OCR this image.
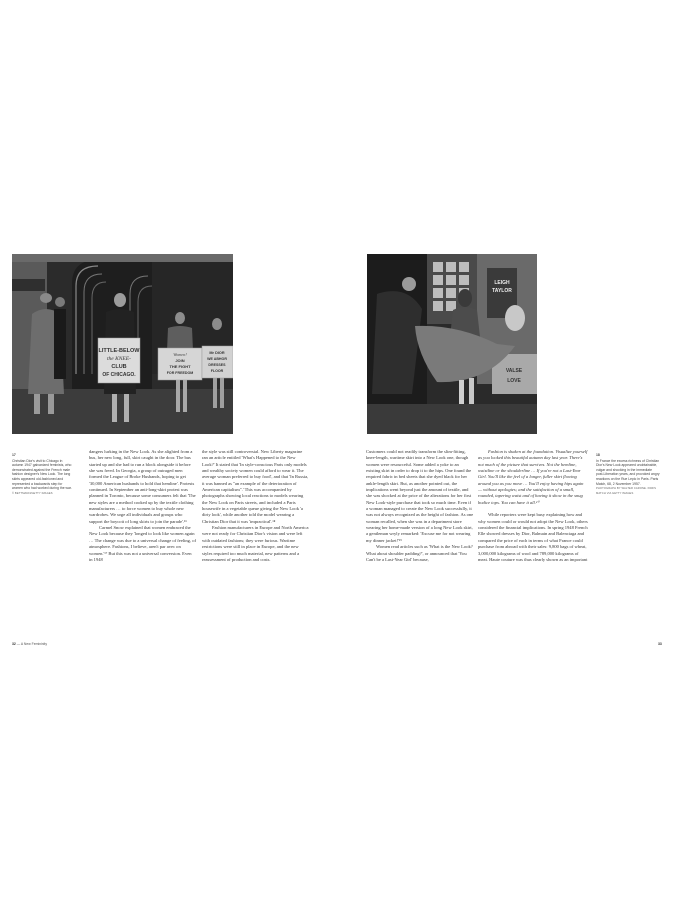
LITTLE-BELOW
the KNEE-
CLUB
OF CHICAGO.
Women!
JOIN
THE FIGHT
FOR FREEDOM
Mr DIOR
WE ABHOR
DRESSES
FLOOR
17
Christian Dior's visit to Chicago in autumn 1947 galvanized feminists, who demonstrated against the French male fashion designer's New Look. The long skirts appeared old-fashioned and represented a backwards step for women who had worked during the war.
© BETTMANN/GETTY IMAGES

dangers lurking in the New Look. As she alighted from a bus, her new long, full, skirt caught in the door. The bus started up and she had to run a block alongside it before she was freed. In Georgia, a group of outraged men formed the League of Broke Husbands, hoping to get '30,000 American husbands to hold that hemline'. Protests continued. In September an anti-long-skirt protest was planned in Toronto, because some consumers felt that 'The new styles are a method cooked up by the textile clothing manufacturers … to force women to buy whole new wardrobes. We urge all individuals and groups who support the boycott of long skirts to join the parade'.¹⁶

Carmel Snow explained that women embraced the New Look because they 'longed to look like women again … The change was due to a universal change of feeling, of atmosphere. Fashions, I believe, aren't par avec on women.'¹⁷ But this was not a universal conversion. Even in 1948

the style was still controversial. New Liberty magazine ran an article entitled 'What's Happened to the New Look?' It stated that 'In style-conscious Paris only models and wealthy society women could afford to wear it. The average woman preferred to buy food', and that 'In Russia, it was banned as "an example of the deterioration of American capitalism".' This was accompanied by photographs showing local reactions to models wearing the New Look on Paris streets, and included a Paris housewife in a vegetable queue giving the New Look 'a dirty look', while another told the model wearing a Christian Dior that it was 'impractical'.¹⁸

Fashion manufacturers in Europe and North America were not ready for Christian Dior's vision and were left with outdated fashions; they were furious. Wartime restrictions were still in place in Europe, and the new styles required too much material, new patterns and a reassessment of production and costs.

32 — A New Femininity
LEIGH
TAYLOR
VALSE
LOVE

Customers could not readily transform the slim-fitting, knee-length, wartime skirt into a New Look one, though women were resourceful. Some added a yoke to an existing skirt in order to drop it to the hips. One found the required fabric in bed sheets that she dyed black for her ankle-length skirt. But, as another pointed out, the implications went beyond just the amount of textile, and she was shocked at the price of the alterations for her first New Look-style purchase that took so much time. Even if a woman managed to create the New Look successfully, it was not always recognized as the height of fashion. As one woman recalled, when she was in a department store wearing her home-made version of a long New Look skirt, a gentleman wryly remarked: 'Excuse me for not wearing my dinner jacket!'¹⁹

Women read articles such as 'What is the New Look? What about shoulder padding?', or announced that 'You Can't be a Last-Year Girl' because,

Fashion is shaken at the foundation. Visualize yourself as you looked this beautiful autumn day last year. There's not much of the picture that survives. Not the hemline, waistline or the shoulderline … If you're not a Last-Year Girl. You'll like the feel of a longer, fuller skirt flowing around you as you move … You'll enjoy having hips again — without apologies; and the satisfaction of a small, rounded, tapering waist and of having it show in the snug bodice tops. You can have it all.²⁰

While reporters were kept busy explaining how and why women could or would not adopt the New Look, others considered the financial implications. In spring 1948 French Elle showed dresses by Dior, Balmain and Balenciaga and compared the price of each in terms of what France could purchase from abroad with their sales: 9,800 bags of wheat, 3,000,000 kilograms of wool and 789,000 kilograms of meat. Haute couture was thus clearly shown as an important

18
In France the excess richness of Christian Dior's New Look appeared unobtainable, vulgar and shocking in the immediate post-Liberation years, and provoked angry reactions on the Rue Lepic in Paris. Paris Match, 68, 2 November 1957.
PHOTOGRAPH BY WALTER CARONE. PARIS MATCH VIA GETTY IMAGES
33
